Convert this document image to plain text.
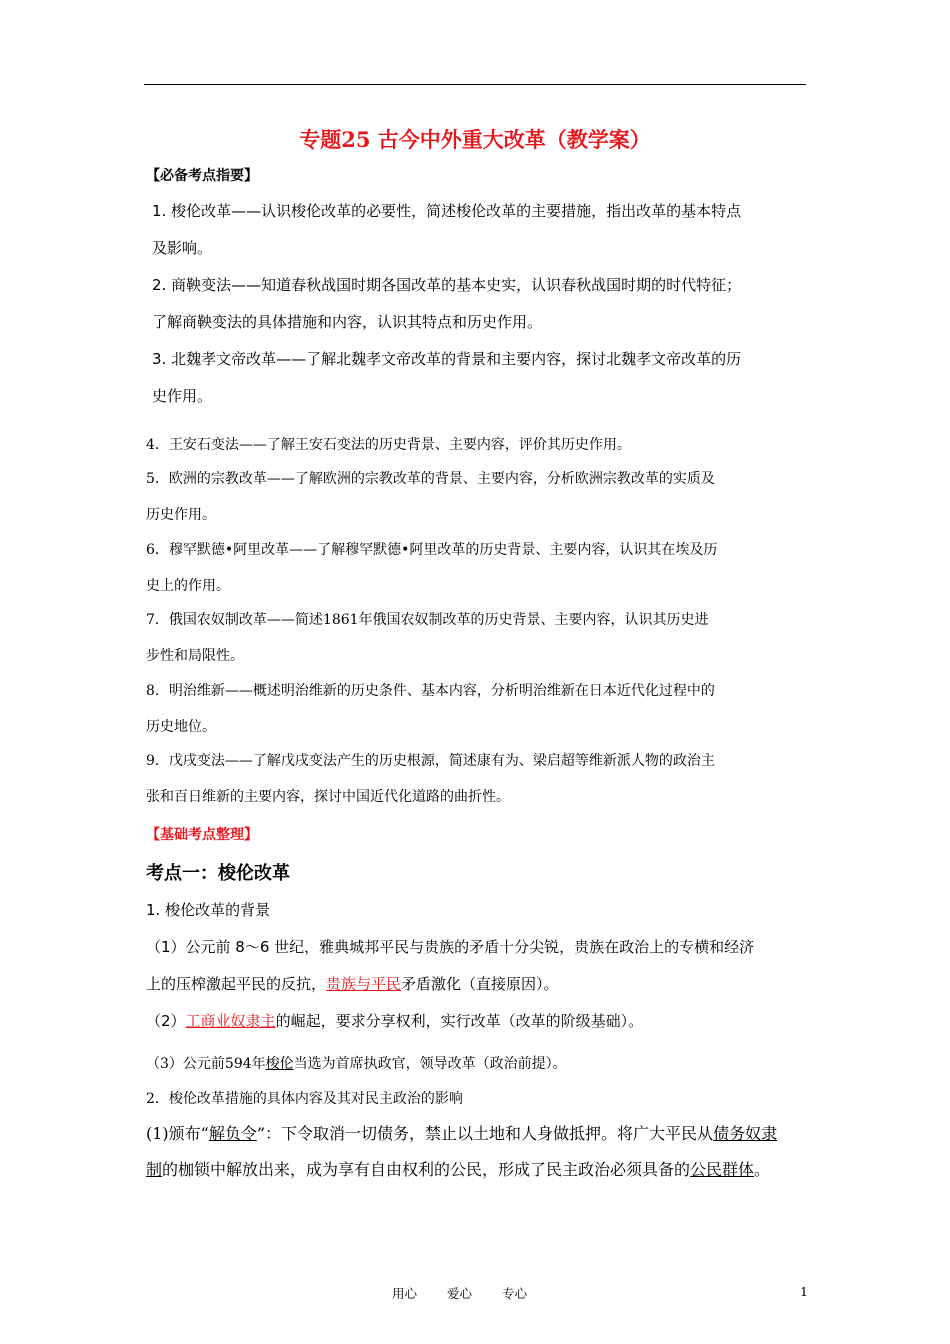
专题25 古今中外重大改革（教学案）
【必备考点指要】
1. 梭伦改革——认识梭伦改革的必要性，简述梭伦改革的主要措施，指出改革的基本特点
及影响。
2. 商鞅变法——知道春秋战国时期各国改革的基本史实，认识春秋战国时期的时代特征；
了解商鞅变法的具体措施和内容，认识其特点和历史作用。
3. 北魏孝文帝改革——了解北魏孝文帝改革的背景和主要内容，探讨北魏孝文帝改革的历
史作用。
4．王安石变法——了解王安石变法的历史背景、主要内容，评价其历史作用。
5．欧洲的宗教改革——了解欧洲的宗教改革的背景、主要内容，分析欧洲宗教改革的实质及
历史作用。
6．穆罕默德•阿里改革——了解穆罕默德•阿里改革的历史背景、主要内容，认识其在埃及历
史上的作用。
7．俄国农奴制改革——简述1861年俄国农奴制改革的历史背景、主要内容，认识其历史进
步性和局限性。
8．明治维新——概述明治维新的历史条件、基本内容，分析明治维新在日本近代化过程中的
历史地位。
9．戊戌变法——了解戊戌变法产生的历史根源，简述康有为、梁启超等维新派人物的政治主
张和百日维新的主要内容，探讨中国近代化道路的曲折性。
【基础考点整理】
考点一：梭伦改革
1. 梭伦改革的背景
（1）公元前 8～6 世纪，雅典城邦平民与贵族的矛盾十分尖锐，贵族在政治上的专横和经济
上的压榨激起平民的反抗，贵族与平民矛盾激化（直接原因）。
（2）工商业奴隶主的崛起，要求分享权利，实行改革（改革的阶级基础）。
（3）公元前594年梭伦当选为首席执政官，领导改革（政治前提）。
2．梭伦改革措施的具体内容及其对民主政治的影响
(1)颁布“解负令”：下令取消一切债务，禁止以土地和人身做抵押。将广大平民从债务奴隶
制的枷锁中解放出来，成为享有自由权利的公民，形成了民主政治必须具备的公民群体。
用心 爱心 专心	1
